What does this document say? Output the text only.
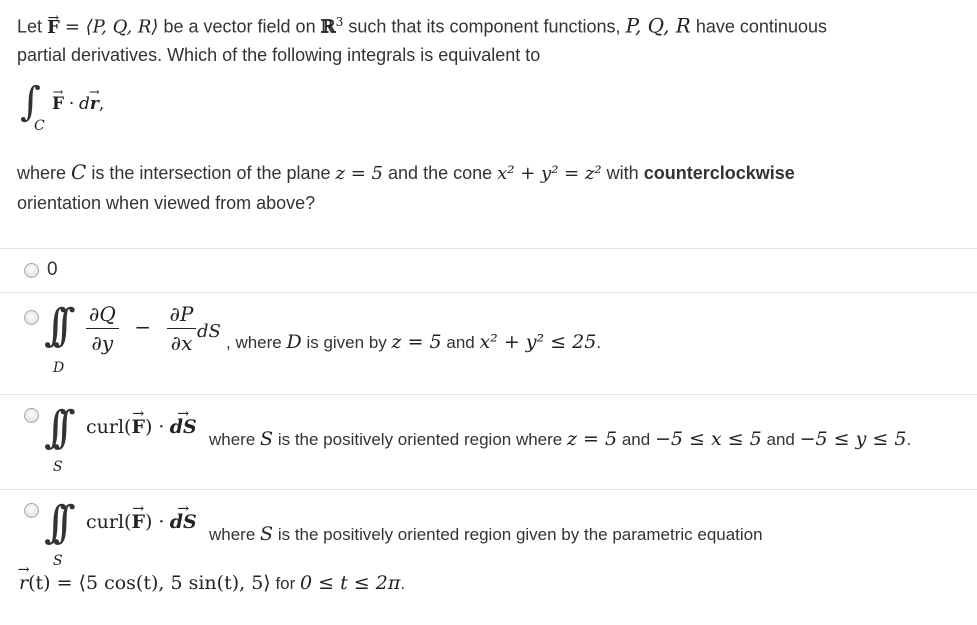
Let → F = ⟨P, Q, R⟩ be a vector field on ℝ$^3$ such that its component functions, P, Q, R have continuous
partial derivatives. Which of the following integrals is equivalent to
∫
C
→ F · d→ r,
where C is the intersection of the plane z = 5 and the cone x² + y² = z² with counterclockwise
orientation when viewed from above?
0
∫∫
D
$\frac{\partial Q}{\partial y} - \frac{\partial P}{\partial x}$ dS
, where D is given by z = 5 and x² + y² ≤ 25.
∫∫
S
curl(→ F) · → dS
where S is the positively oriented region where z = 5 and −5 ≤ x ≤ 5 and −5 ≤ y ≤ 5.
∫∫
S
curl(→ F) · → dS
where S is the positively oriented region given by the parametric equation
→ r(t) = ⟨5 cos(t), 5 sin(t), 5⟩ for 0 ≤ t ≤ 2π.
